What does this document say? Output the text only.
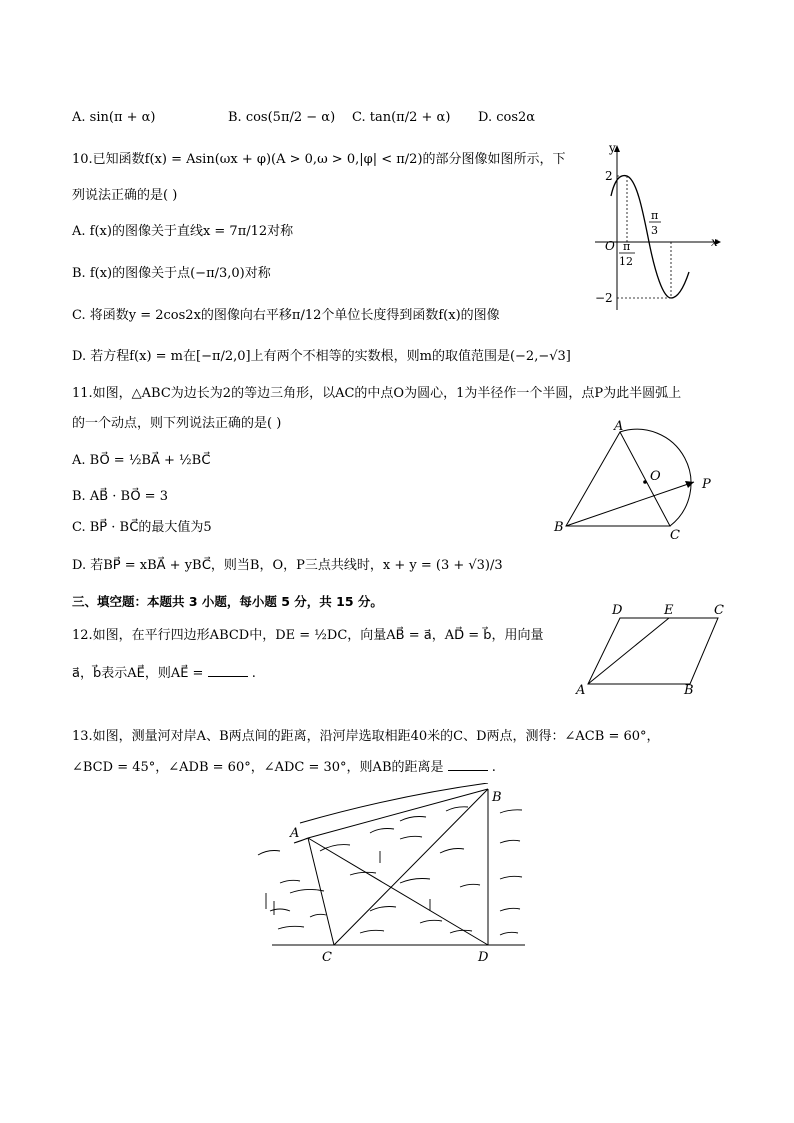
A. sin(π + α)	B. cos(5π/2 − α) C. tan(π/2 + α) D. cos2α
10.已知函数f(x) = Asin(ωx + φ)(A > 0,ω > 0,|φ| < π/2)的部分图像如图所示，下
列说法正确的是( )
A. f(x)的图像关于直线x = 7π/12对称
B. f(x)的图像关于点(−π/3,0)对称
C. 将函数y = 2cos2x的图像向右平移π/12个单位长度得到函数f(x)的图像
D. 若方程f(x) = m在[−π/2,0]上有两个不相等的实数根，则m的取值范围是(−2,−√3]
y
x
2
−2
O π
12
π
3
11.如图，△ABC为边长为2的等边三角形，以AC的中点O为圆心，1为半径作一个半圆，点P为此半圆弧上
的一个动点，则下列说法正确的是( )
A. BO⃗ = ½BA⃗ + ½BC⃗
B. AB⃗ · BO⃗ = 3
C. BP⃗ · BC⃗的最大值为5
D. 若BP⃗ = xBA⃗ + yBC⃗，则当B，O，P三点共线时，x + y = (3 + √3)/3
A
B
C
O
P
三、填空题：本题共 3 小题，每小题 5 分，共 15 分。
12.如图，在平行四边形ABCD中，DE = ½DC，向量AB⃗ = a⃗，AD⃗ = b⃗，用向量
a⃗，b⃗表示AE⃗，则AE⃗ =	.
D	E	C
A	B
13.如图，测量河对岸A、B两点间的距离，沿河岸选取相距40米的C、D两点，测得：∠ACB = 60°，
∠BCD = 45°，∠ADB = 60°，∠ADC = 30°，则AB的距离是	.
A
B
C	D
